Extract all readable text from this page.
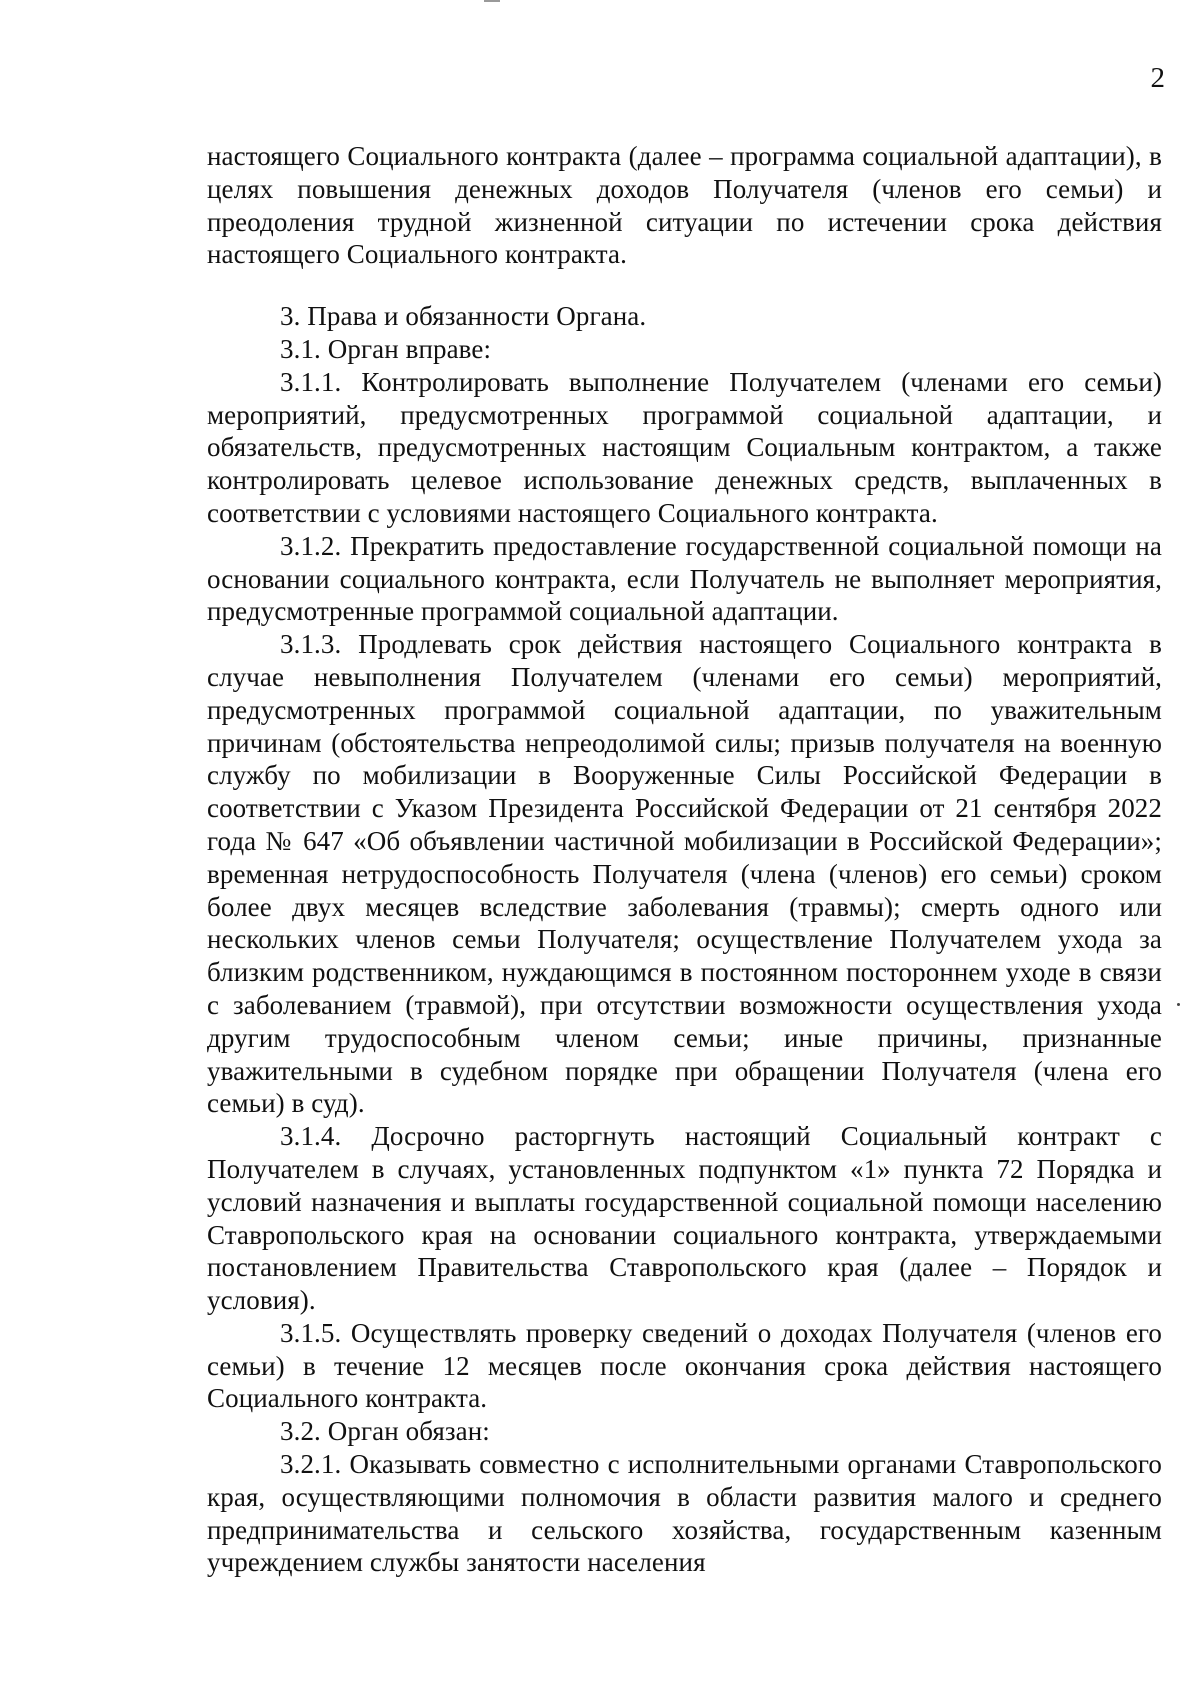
2

настоящего Социального контракта (далее – программа социальной адаптации), в целях повышения денежных доходов Получателя (членов его семьи) и преодоления трудной жизненной ситуации по истечении срока действия настоящего Социального контракта.

3. Права и обязанности Органа.

3.1. Орган вправе:

3.1.1. Контролировать выполнение Получателем (членами его семьи) мероприятий, предусмотренных программой социальной адаптации, и обязательств, предусмотренных настоящим Социальным контрактом, а также контролировать целевое использование денежных средств, выплаченных в соответствии с условиями настоящего Социального контракта.

3.1.2. Прекратить предоставление государственной социальной помощи на основании социального контракта, если Получатель не выполняет мероприятия, предусмотренные программой социальной адаптации.

3.1.3. Продлевать срок действия настоящего Социального контракта в случае невыполнения Получателем (членами его семьи) мероприятий, предусмотренных программой социальной адаптации, по уважительным причинам (обстоятельства непреодолимой силы; призыв получателя на военную службу по мобилизации в Вооруженные Силы Российской Федерации в соответствии с Указом Президента Российской Федерации от 21 сентября 2022 года № 647 «Об объявлении частичной мобилизации в Российской Федерации»; временная нетрудоспособность Получателя (члена (членов) его семьи) сроком более двух месяцев вследствие заболевания (травмы); смерть одного или нескольких членов семьи Получателя; осуществление Получателем ухода за близким родственником, нуждающимся в постоянном постороннем уходе в связи с заболеванием (травмой), при отсутствии возможности осуществления ухода другим трудоспособным членом семьи; иные причины, признанные уважительными в судебном порядке при обращении Получателя (члена его семьи) в суд).

3.1.4. Досрочно расторгнуть настоящий Социальный контракт с Получателем в случаях, установленных подпунктом «1» пункта 72 Порядка и условий назначения и выплаты государственной социальной помощи населению Ставропольского края на основании социального контракта, утверждаемыми постановлением Правительства Ставропольского края (далее – Порядок и условия).

3.1.5. Осуществлять проверку сведений о доходах Получателя (членов его семьи) в течение 12 месяцев после окончания срока действия настоящего Социального контракта.

3.2. Орган обязан:

3.2.1. Оказывать совместно с исполнительными органами Ставропольского края, осуществляющими полномочия в области развития малого и среднего предпринимательства и сельского хозяйства, государственным казенным учреждением службы занятости населения
